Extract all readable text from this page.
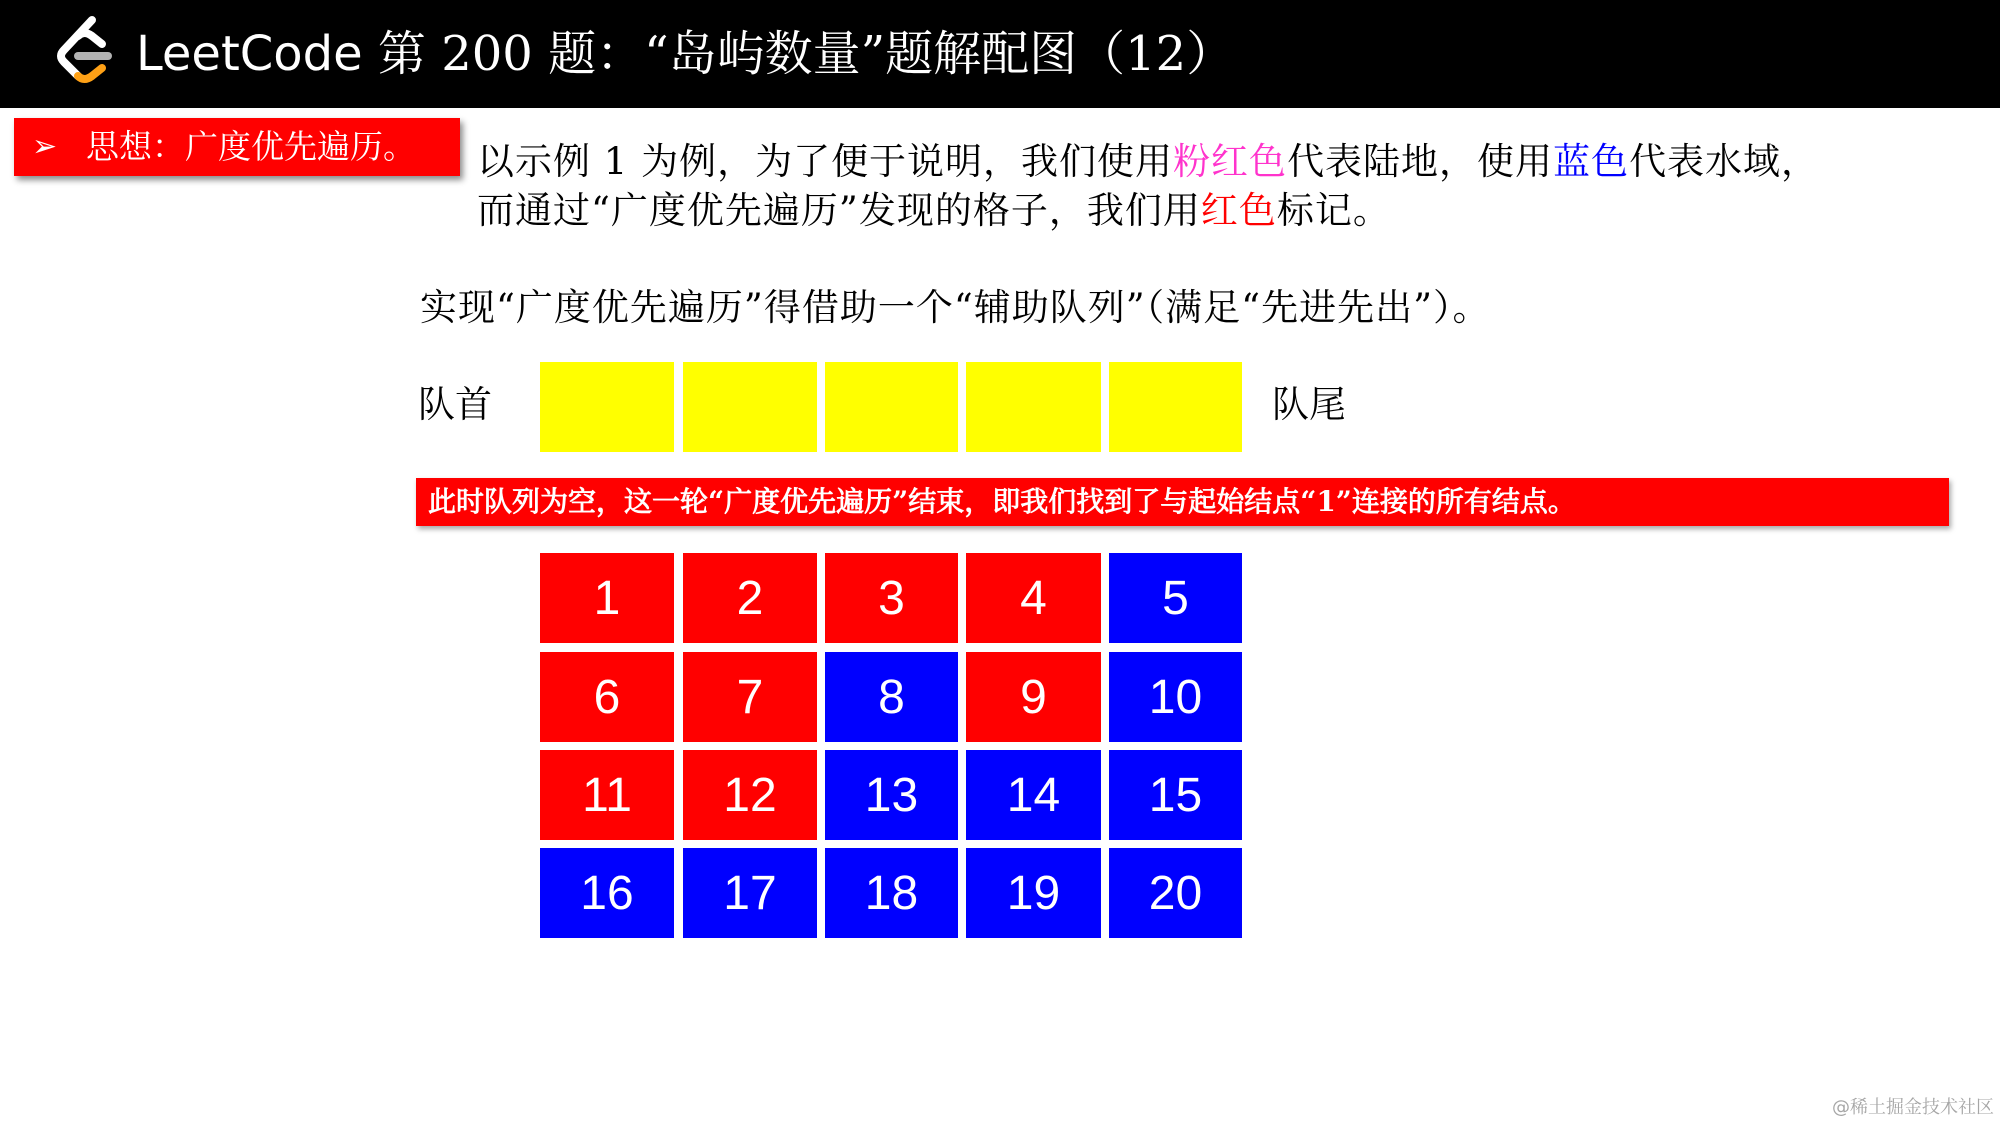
LeetCode 第 200 题：“岛屿数量”题解配图（12）
➢ 思想：广度优先遍历。 以示例 1 为例，为了便于说明，我们使用粉红色代表陆地，使用蓝色代表水域，
而通过“广度优先遍历”发现的格子，我们用红色标记。
实现“广度优先遍历”得借助一个“辅助队列”（满足“先进先出”）。
队首	队尾
此时队列为空，这一轮“广度优先遍历”结束，即我们找到了与起始结点“1”连接的所有结点。
1	2	3	4	5
6	7	8	9	10
11	12	13	14	15
16	17	18	19	20
@稀土掘金技术社区
